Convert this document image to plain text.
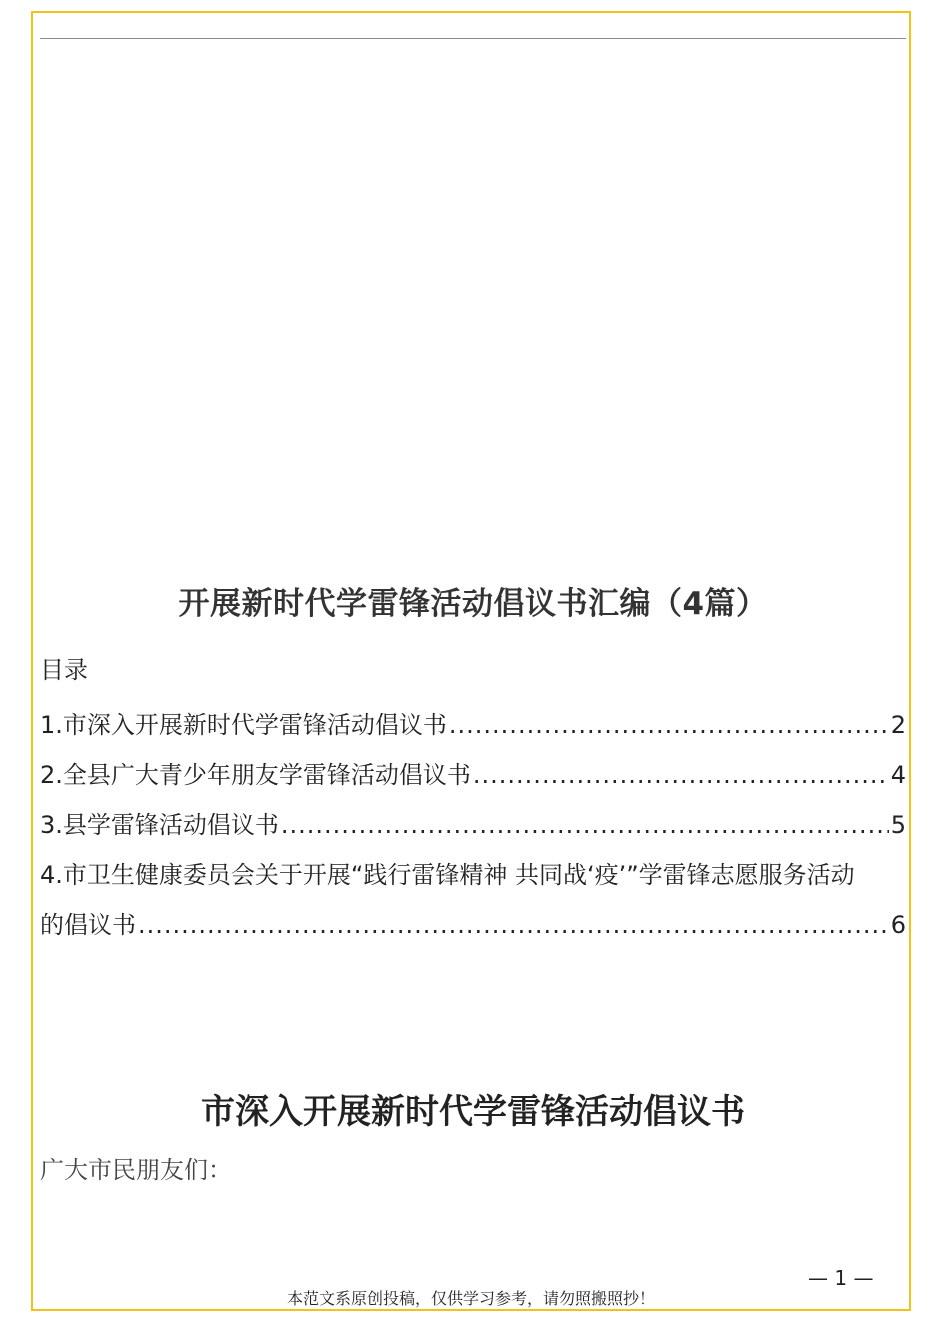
开展新时代学雷锋活动倡议书汇编（4篇）
目录
1.市深入开展新时代学雷锋活动倡议书 .....	2
2.全县广大青少年朋友学雷锋活动倡议书 .....	4
3.县学雷锋活动倡议书 .....	5
4.市卫生健康委员会关于开展“践行雷锋精神 共同战‘疫’”学雷锋志愿服务活动
的倡议书 .....	6
市深入开展新时代学雷锋活动倡议书
广大市民朋友们：
— 1 —
本范文系原创投稿，仅供学习参考，请勿照搬照抄！
